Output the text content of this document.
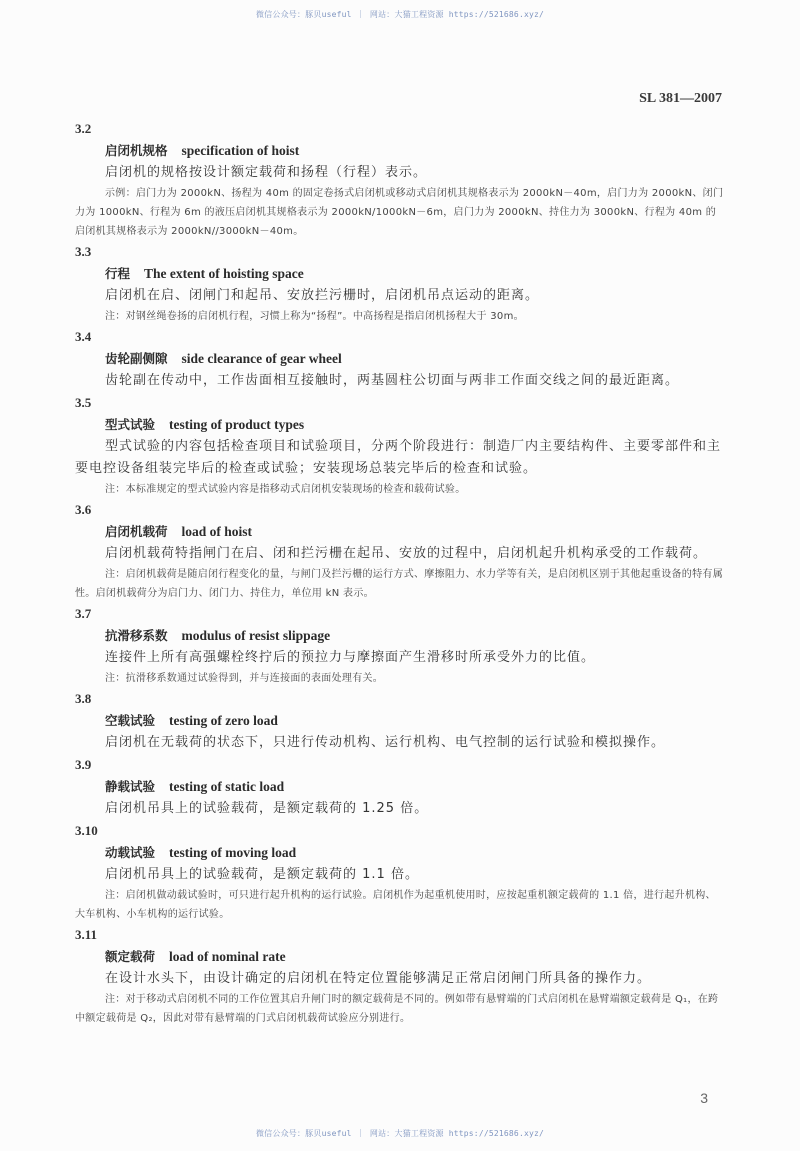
微信公众号：豚贝useful ｜ 网站：大猫工程资源 https://521686.xyz/
SL 381—2007
3.2
启闭机规格 specification of hoist
启闭机的规格按设计额定载荷和扬程（行程）表示。
示例：启门力为 2000kN、扬程为 40m 的固定卷扬式启闭机或移动式启闭机其规格表示为 2000kN－40m，启门力为 2000kN、闭门力为 1000kN、行程为 6m 的液压启闭机其规格表示为 2000kN/1000kN－6m，启门力为 2000kN、持住力为 3000kN、行程为 40m 的启闭机其规格表示为 2000kN//3000kN－40m。
3.3
行程 The extent of hoisting space
启闭机在启、闭闸门和起吊、安放拦污栅时，启闭机吊点运动的距离。
注：对钢丝绳卷扬的启闭机行程，习惯上称为“扬程”。中高扬程是指启闭机扬程大于 30m。
3.4
齿轮副侧隙 side clearance of gear wheel
齿轮副在传动中，工作齿面相互接触时，两基圆柱公切面与两非工作面交线之间的最近距离。
3.5
型式试验 testing of product types
型式试验的内容包括检查项目和试验项目，分两个阶段进行：制造厂内主要结构件、主要零部件和主要电控设备组装完毕后的检查或试验；安装现场总装完毕后的检查和试验。
注：本标准规定的型式试验内容是指移动式启闭机安装现场的检查和载荷试验。
3.6
启闭机载荷 load of hoist
启闭机载荷特指闸门在启、闭和拦污栅在起吊、安放的过程中，启闭机起升机构承受的工作载荷。
注：启闭机载荷是随启闭行程变化的量，与闸门及拦污栅的运行方式、摩擦阻力、水力学等有关，是启闭机区别于其他起重设备的特有属性。启闭机载荷分为启门力、闭门力、持住力，单位用 kN 表示。
3.7
抗滑移系数 modulus of resist slippage
连接件上所有高强螺栓终拧后的预拉力与摩擦面产生滑移时所承受外力的比值。
注：抗滑移系数通过试验得到，并与连接面的表面处理有关。
3.8
空载试验 testing of zero load
启闭机在无载荷的状态下，只进行传动机构、运行机构、电气控制的运行试验和模拟操作。
3.9
静载试验 testing of static load
启闭机吊具上的试验载荷，是额定载荷的 1.25 倍。
3.10
动载试验 testing of moving load
启闭机吊具上的试验载荷，是额定载荷的 1.1 倍。
注：启闭机做动载试验时，可只进行起升机构的运行试验。启闭机作为起重机使用时，应按起重机额定载荷的 1.1 倍，进行起升机构、大车机构、小车机构的运行试验。
3.11
额定载荷 load of nominal rate
在设计水头下，由设计确定的启闭机在特定位置能够满足正常启闭闸门所具备的操作力。
注：对于移动式启闭机不同的工作位置其启升闸门时的额定载荷是不同的。例如带有悬臂端的门式启闭机在悬臂端额定载荷是 Q₁，在跨中额定载荷是 Q₂，因此对带有悬臂端的门式启闭机载荷试验应分别进行。
3
微信公众号：豚贝useful ｜ 网站：大猫工程资源 https://521686.xyz/
